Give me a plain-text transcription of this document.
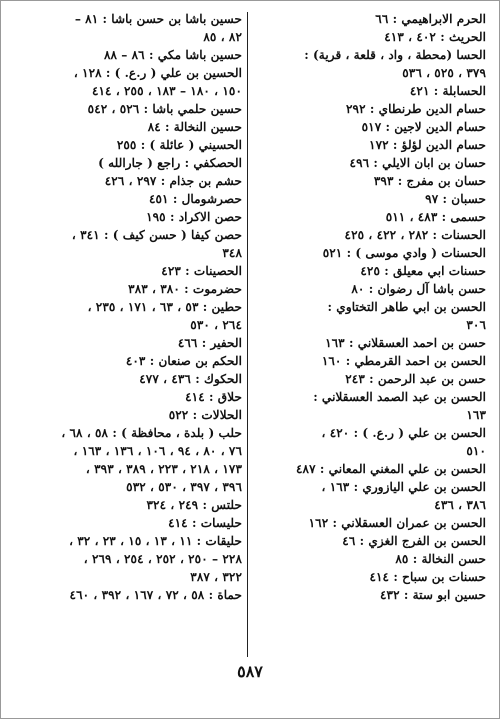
الحرم الابراهيمي : ٦٦
الحريث : ٤٠٢ ، ٤١٣
الحسا (محطة ، واد ، قلعة ، قرية) :
٣٧٩ ، ٥٢٥ ، ٥٣٦
الحسابلة : ٤٢١
حسام الدين طرنطاي : ٢٩٢
حسام الدين لاجين : ٥١٧
حسام الدين لؤلؤ : ١٧٢
حسان بن ابان الايلي : ٤٩٦
حسان بن مفرج : ٣٩٣
حسبان : ٩٧
حسمى : ٤٨٣ ، ٥١١
الحسنات : ٢٨٢ ، ٤٢٢ ، ٤٢٥
الحسنات ( وادي موسى ) : ٥٢١
حسنات ابي معيلق : ٤٢٥
حسن باشا آل رضوان : ٨٠
الحسن بن ابي طاهر التختاوي :
٣٠٦
حسن بن احمد العسقلاني : ١٦٣
الحسن بن احمد القرمطي : ١٦٠
حسن بن عبد الرحمن : ٢٤٣
الحسن بن عبد الصمد العسقلاني :
١٦٣
الحسن بن علي ( ر.ع. ) : ٤٢٠ ،
٥١٠
الحسن بن علي المغني المعاني : ٤٨٧
الحسن بن علي اليازوري : ١٦٣ ،
٣٨٦ ، ٤٣٦
الحسن بن عمران العسقلاني : ١٦٢
الحسن بن الفرج الغزي : ٤٦
حسن النخالة : ٨٥
حسنات بن سباح : ٤١٤
حسين ابو ستة : ٤٣٢
حسين باشا بن حسن باشا : ٨١ –
٨٢ ، ٨٥
حسين باشا مكي : ٨٦ – ٨٨
الحسين بن علي ( ر.ع. ) : ١٢٨ ،
١٥٠ ، ١٨٠ – ١٨٣ ، ٢٥٥ ، ٤١٤
حسين حلمي باشا : ٥٢٦ ، ٥٤٢
حسين النخالة : ٨٤
الحسيني ( عائلة ) : ٢٥٥
الحصكفي : راجع ( جارالله )
حشم بن جذام : ٢٩٧ ، ٤٢٦
حصرشومال : ٤٥١
حصن الاكراد : ١٩٥
حصن كيفا ( حسن كيف ) : ٣٤١ ،
٣٤٨
الحصينات : ٤٢٣
حضرموت : ٣٨٠ ، ٣٨٣
حطين : ٥٣ ، ٦٣ ، ١٧١ ، ٢٣٥ ،
٢٦٤ ، ٥٣٠
الحفير : ٤٦٦
الحكم بن صنعان : ٤٠٣
الحكوك : ٤٣٦ ، ٤٧٧
حلاق : ٤١٤
الحلالات : ٥٢٢
حلب ( بلدة ، محافظة ) : ٥٨ ، ٦٨ ،
٧٦ ، ٨٠ ، ٩٤ ، ١٠٦ ، ١٣٦ ، ١٦٣ ،
١٧٣ ، ٢١٨ ، ٢٢٣ ، ٣٨٩ ، ٣٩٣ ،
٣٩٦ ، ٣٩٧ ، ٥٣٠ ، ٥٣٢
حلتس : ٢٤٩ ، ٣٢٤
حليسات : ٤١٤
حليقات : ١١ ، ١٣ ، ١٥ ، ٢٣ ، ٣٢ ،
٢٢٨ – ٢٥٠ ، ٢٥٢ ، ٢٥٤ ، ٢٦٩ ،
٣٢٢ ، ٣٨٧
حماة : ٥٨ ، ٧٢ ، ١٦٧ ، ٣٩٢ ، ٤٦٠
٥٨٧
